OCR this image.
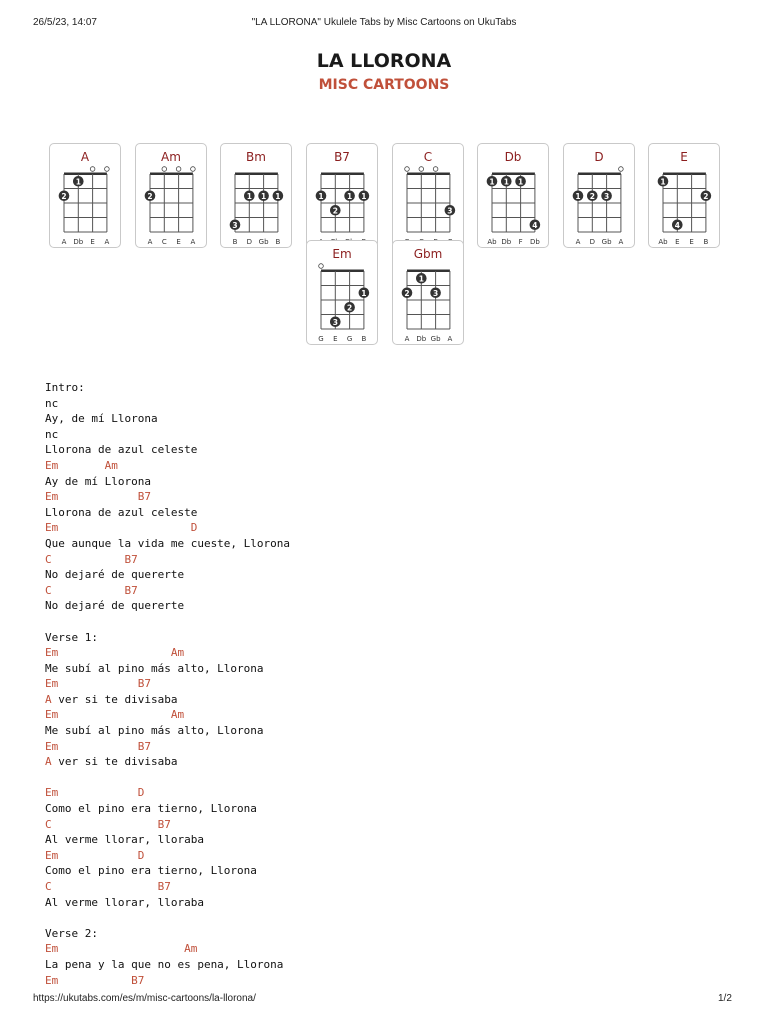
26/5/23, 14:07	"LA LLORONA" Ukulele Tabs by Misc Cartoons on UkuTabs
LA LLORONA
MISC CARTOONS
A
2
1
A Db E A
Am
2
A C E A
Bm
3
1 1 1
B D Gb B
B7
1
2
1 1
C
3
Db
1 1 1
4
Ab Db F Db
D
1 2 3
A D Gb A
E
1
4
2
Ab E E B
Em
3
2
1
G E G B
Gbm
2
1
3
A Db Gb A
Intro:
nc
Ay, de mí Llorona
nc
Llorona de azul celeste
Em       Am
Ay de mí Llorona
Em            B7
Llorona de azul celeste
Em                    D
Que aunque la vida me cueste, Llorona
C           B7
No dejaré de quererte
C           B7
No dejaré de quererte
Verse 1:
Em                 Am
Me subí al pino más alto, Llorona
Em            B7
A ver si te divisaba
Em                 Am
Me subí al pino más alto, Llorona
Em            B7
A ver si te divisaba
Em            D
Como el pino era tierno, Llorona
C                B7
Al verme llorar, lloraba
Em            D
Como el pino era tierno, Llorona
C                B7
Al verme llorar, lloraba
Verse 2:
Em                   Am
La pena y la que no es pena, Llorona
Em           B7
https://ukutabs.com/es/m/misc-cartoons/la-llorona/	1/2
